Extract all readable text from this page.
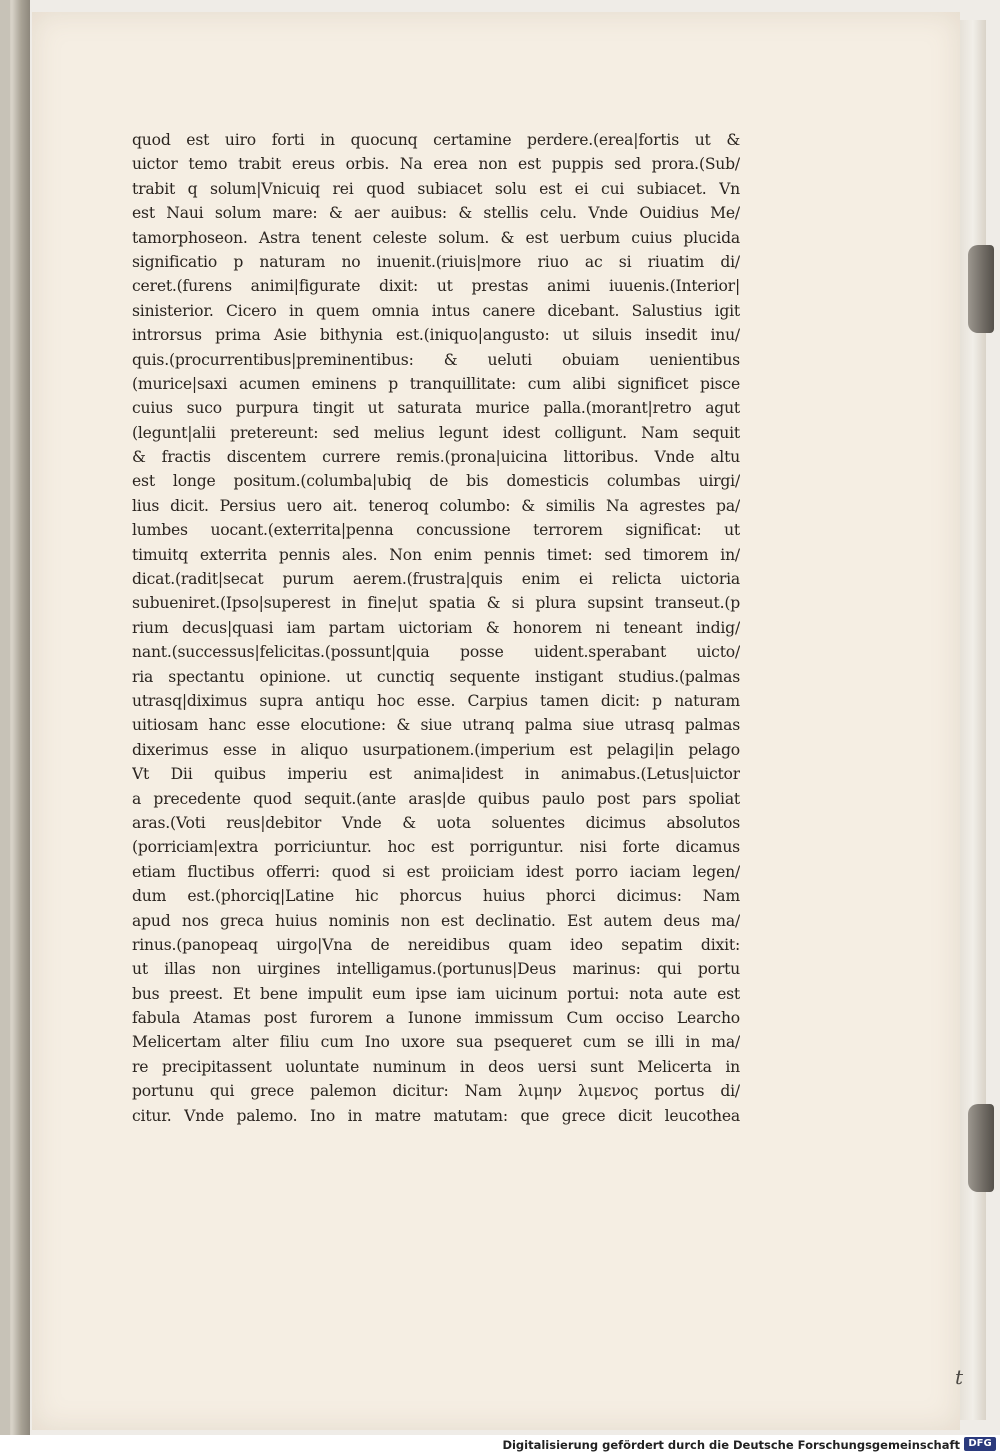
quod est uiro forti in quocunq certamine perdere.(erea|fortis ut &
uictor temo trabit ereus orbis. Na erea non est puppis sed prora.(Sub/
trabit q solum|Vnicuiq rei quod subiacet solu est ei cui subiacet. Vn
est Naui solum mare: & aer auibus: & stellis celu. Vnde Ouidius Me/
tamorphoseon. Astra tenent celeste solum. & est uerbum cuius plucida
significatio p naturam no inuenit.(riuis|more riuo ac si riuatim di/
ceret.(furens animi|figurate dixit: ut prestas animi iuuenis.(Interior|
sinisterior. Cicero in quem omnia intus canere dicebant. Salustius igit
introrsus prima Asie bithynia est.(iniquo|angusto: ut siluis insedit inu/
quis.(procurrentibus|preminentibus: & ueluti obuiam uenientibus
(murice|saxi acumen eminens p tranquillitate: cum alibi significet pisce
cuius suco purpura tingit ut saturata murice palla.(morant|retro agut
(legunt|alii pretereunt: sed melius legunt idest colligunt. Nam sequit
& fractis discentem currere remis.(prona|uicina littoribus. Vnde altu
est longe positum.(columba|ubiq de bis domesticis columbas uirgi/
lius dicit. Persius uero ait. teneroq columbo: & similis Na agrestes pa/
lumbes uocant.(exterrita|penna concussione terrorem significat: ut
timuitq exterrita pennis ales. Non enim pennis timet: sed timorem in/
dicat.(radit|secat purum aerem.(frustra|quis enim ei relicta uictoria
subueniret.(Ipso|superest in fine|ut spatia & si plura supsint transeut.(p
rium decus|quasi iam partam uictoriam & honorem ni teneant indig/
nant.(successus|felicitas.(possunt|quia posse uident.sperabant uicto/
ria spectantu opinione. ut cunctiq sequente instigant studius.(palmas
utrasq|diximus supra antiqu hoc esse. Carpius tamen dicit: p naturam
uitiosam hanc esse elocutione: & siue utranq palma siue utrasq palmas
dixerimus esse in aliquo usurpationem.(imperium est pelagi|in pelago
Vt Dii quibus imperiu est anima|idest in animabus.(Letus|uictor
a precedente quod sequit.(ante aras|de quibus paulo post pars spoliat
aras.(Voti reus|debitor Vnde & uota soluentes dicimus absolutos
(porriciam|extra porriciuntur. hoc est porriguntur. nisi forte dicamus
etiam fluctibus offerri: quod si est proiiciam idest porro iaciam legen/
dum est.(phorciq|Latine hic phorcus huius phorci dicimus: Nam
apud nos greca huius nominis non est declinatio. Est autem deus ma/
rinus.(panopeaq uirgo|Vna de nereidibus quam ideo sepatim dixit:
ut illas non uirgines intelligamus.(portunus|Deus marinus: qui portu
bus preest. Et bene impulit eum ipse iam uicinum portui: nota aute est
fabula Atamas post furorem a Iunone immissum Cum occiso Learcho
Melicertam alter filiu cum Ino uxore sua psequeret cum se illi in ma/
re precipitassent uoluntate numinum in deos uersi sunt Melicerta in
portunu qui grece palemon dicitur: Nam λιμην λιμενος portus di/
citur. Vnde palemo. Ino in matre matutam: que grece dicit leucothea
t
Digitalisierung gefördert durch die Deutsche Forschungsgemeinschaft DFG
